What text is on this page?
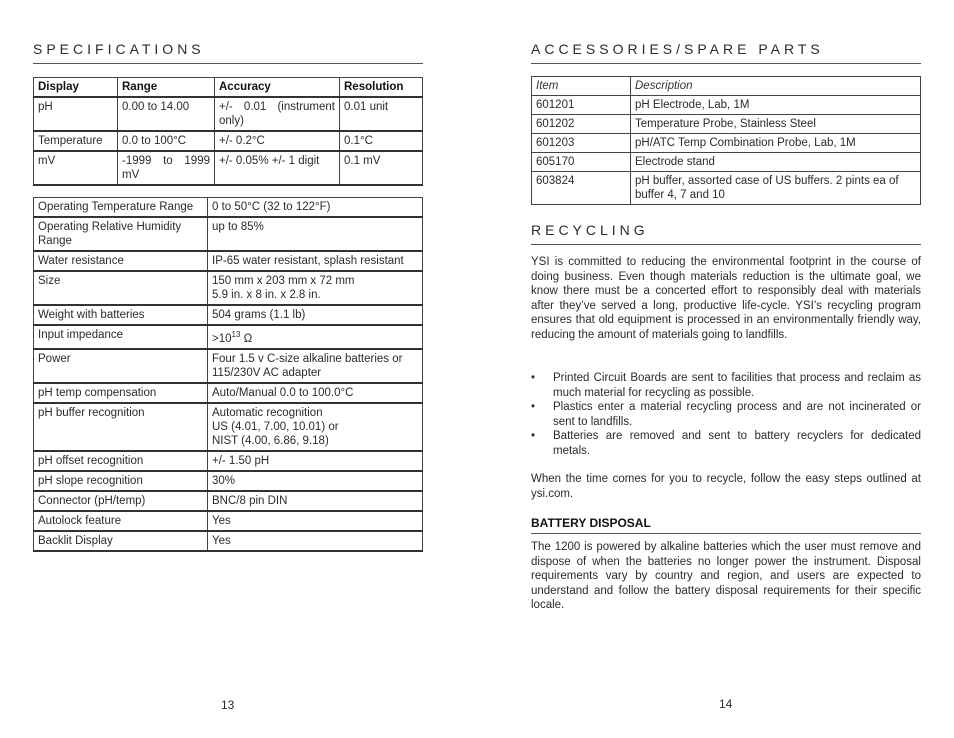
SPECIFICATIONS
Display	Range	Accuracy	Resolution
pH	0.00 to 14.00	+/- 0.01 (instrument only)	0.01 unit
Temperature	0.0 to 100°C	+/- 0.2°C	0.1°C
mV	-1999 to 1999 mV	+/- 0.05% +/- 1 digit	0.1 mV
Operating Temperature Range	0 to 50°C (32 to 122°F)
Operating Relative Humidity Range	up to 85%
Water resistance	IP-65 water resistant, splash resistant
Size	150 mm x 203 mm x 72 mm
5.9 in. x 8 in. x 2.8 in.
Weight with batteries	504 grams (1.1 lb)
Input impedance	$>10^{13}$ Ω
Power	Four 1.5 v C-size alkaline batteries or 115/230V AC adapter
pH temp compensation	Auto/Manual 0.0 to 100.0°C
pH buffer recognition	Automatic recognition
US (4.01, 7.00, 10.01) or
NIST (4.00, 6.86, 9.18)
pH offset recognition	+/- 1.50 pH
pH slope recognition	30%
Connector (pH/temp)	BNC/8 pin DIN
Autolock feature	Yes
Backlit Display	Yes
13
ACCESSORIES/SPARE PARTS
Item	Description
601201	pH Electrode, Lab, 1M
601202	Temperature Probe, Stainless Steel
601203	pH/ATC Temp Combination Probe, Lab, 1M
605170	Electrode stand
603824	pH buffer, assorted case of US buffers. 2 pints ea of buffer 4, 7 and 10
RECYCLING

YSI is committed to reducing the environmental footprint in the course of doing business. Even though materials reduction is the ultimate goal, we know there must be a concerted effort to responsibly deal with materials after they’ve served a long, productive life-cycle. YSI’s recycling program ensures that old equipment is processed in an environmentally friendly way, reducing the amount of materials going to landfills.

• Printed Circuit Boards are sent to facilities that process and reclaim as much material for recycling as possible.
• Plastics enter a material recycling process and are not incinerated or sent to landfills.
• Batteries are removed and sent to battery recyclers for dedicated metals.

When the time comes for you to recycle, follow the easy steps outlined at ysi.com.

BATTERY DISPOSAL

The 1200 is powered by alkaline batteries which the user must remove and dispose of when the batteries no longer power the instrument. Disposal requirements vary by country and region, and users are expected to understand and follow the battery disposal requirements for their specific locale.

14
